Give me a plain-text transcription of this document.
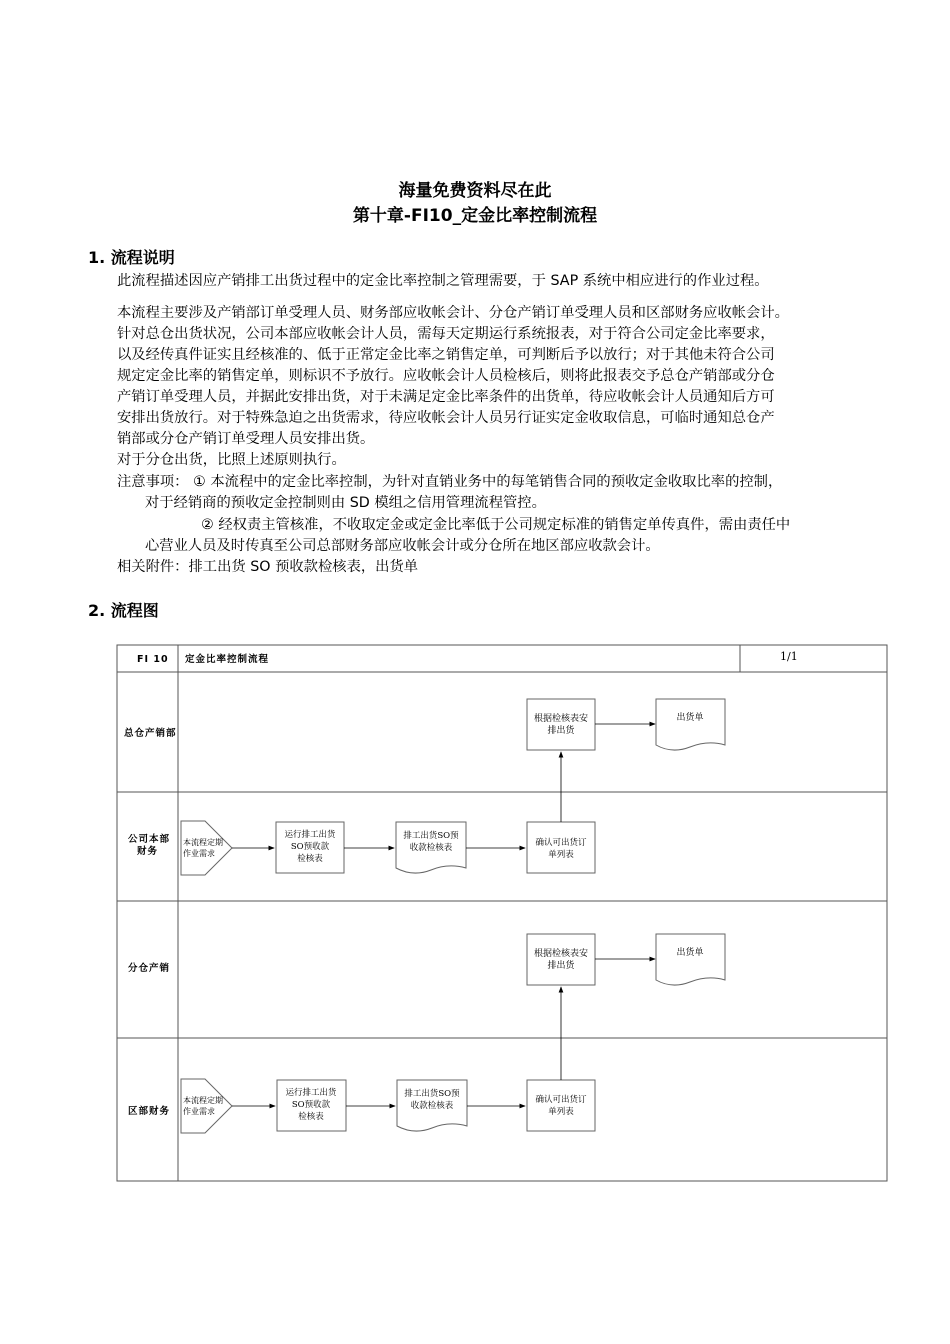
海量免费资料尽在此
第十章-FI10_定金比率控制流程
1. 流程说明
此流程描述因应产销排工出货过程中的定金比率控制之管理需要，于 SAP 系统中相应进行的作业过程。
本流程主要涉及产销部订单受理人员、财务部应收帐会计、分仓产销订单受理人员和区部财务应收帐会计。
针对总仓出货状况，公司本部应收帐会计人员，需每天定期运行系统报表，对于符合公司定金比率要求，
以及经传真件证实且经核准的、低于正常定金比率之销售定单，可判断后予以放行；对于其他未符合公司
规定定金比率的销售定单，则标识不予放行。应收帐会计人员检核后，则将此报表交予总仓产销部或分仓
产销订单受理人员，并据此安排出货，对于未满足定金比率条件的出货单，待应收帐会计人员通知后方可
安排出货放行。对于特殊急迫之出货需求，待应收帐会计人员另行证实定金收取信息，可临时通知总仓产
销部或分仓产销订单受理人员安排出货。
对于分仓出货，比照上述原则执行。
注意事项： ① 本流程中的定金比率控制，为针对直销业务中的每笔销售合同的预收定金收取比率的控制，
对于经销商的预收定金控制则由 SD 模组之信用管理流程管控。
② 经权责主管核准，不收取定金或定金比率低于公司规定标准的销售定单传真件，需由责任中
心营业人员及时传真至公司总部财务部应收帐会计或分仓所在地区部应收款会计。
相关附件：排工出货 SO 预收款检核表，出货单
2. 流程图
FI 10 定金比率控制流程	1/1
总仓产销部
公司本部
财务
分仓产销
区部财务
根据检核表安
排出货
出货单
本流程定期
作业需求
运行排工出货
SO预收款
检核表
排工出货SO预
收款检核表	确认可出货订
单列表
根据检核表安
排出货
出货单
本流程定期
作业需求
运行排工出货
SO预收款
检核表
排工出货SO预
收款检核表
确认可出货订
单列表
